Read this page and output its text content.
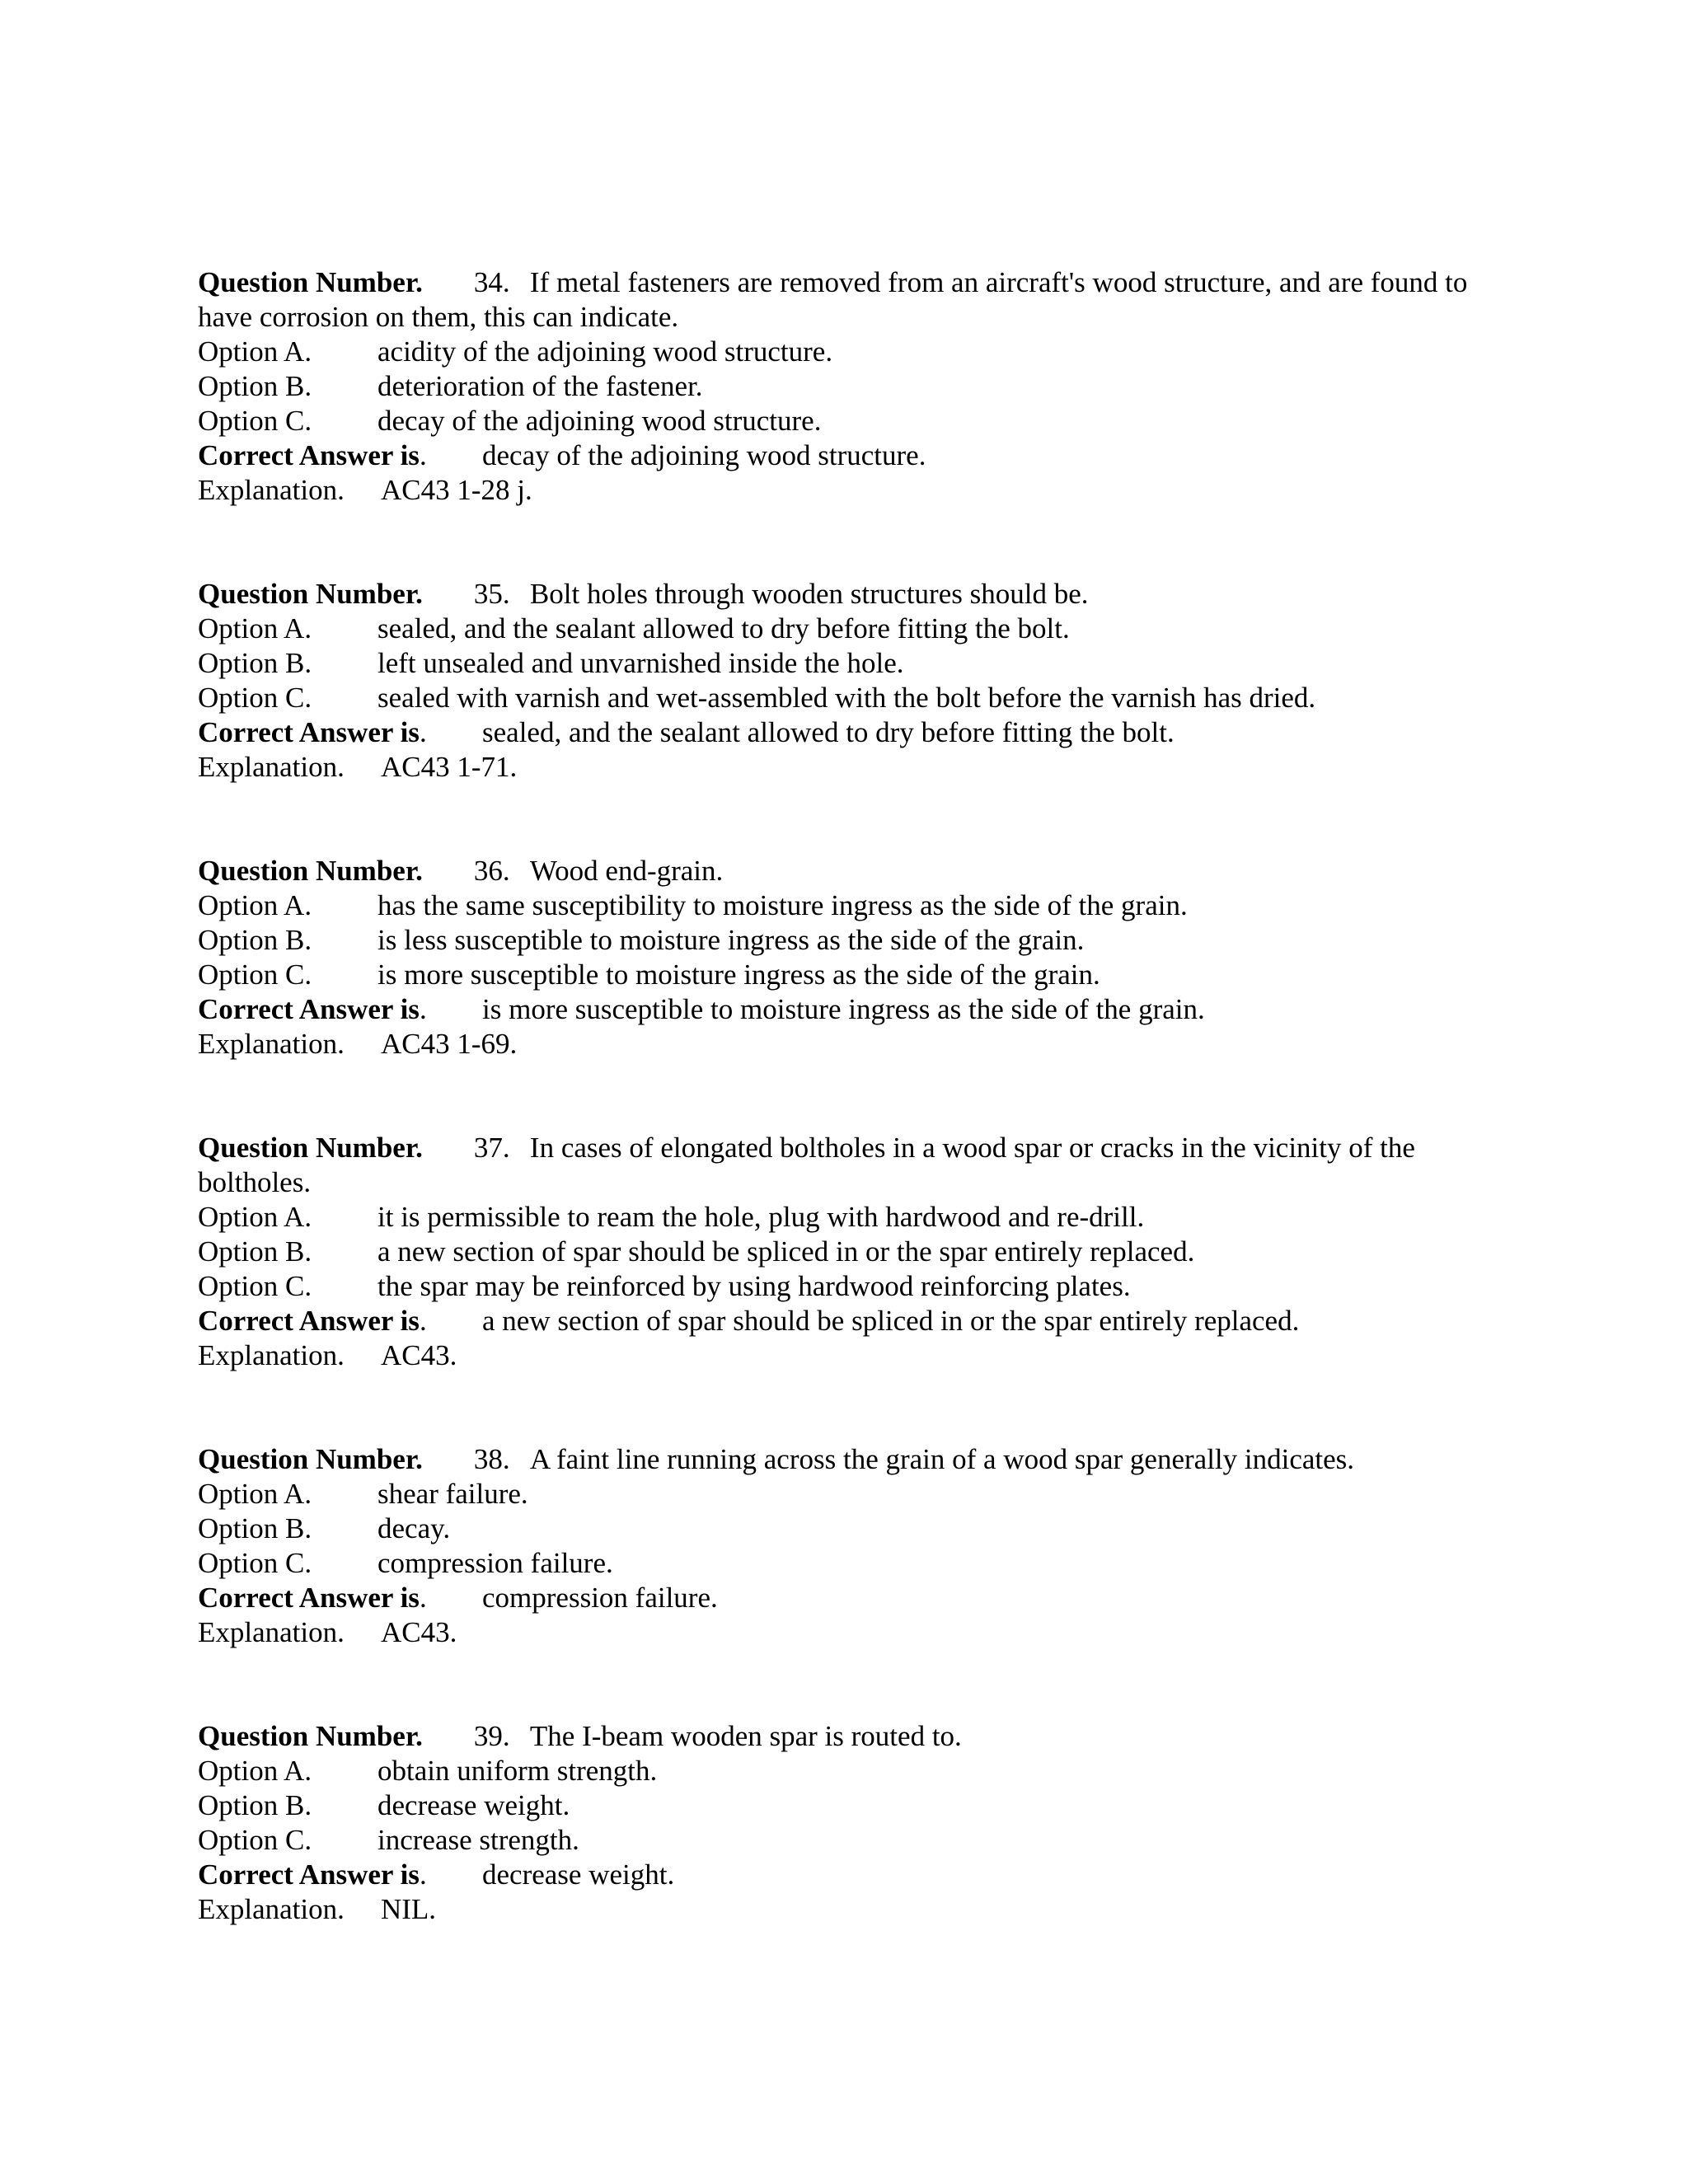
Question Number. 34. If metal fasteners are removed from an aircraft's wood structure, and are found to have corrosion on them, this can indicate.
Option A. acidity of the adjoining wood structure.
Option B. deterioration of the fastener.
Option C. decay of the adjoining wood structure.
Correct Answer is. decay of the adjoining wood structure.
Explanation. AC43 1-28 j.
Question Number. 35. Bolt holes through wooden structures should be.
Option A. sealed, and the sealant allowed to dry before fitting the bolt.
Option B. left unsealed and unvarnished inside the hole.
Option C. sealed with varnish and wet-assembled with the bolt before the varnish has dried.
Correct Answer is. sealed, and the sealant allowed to dry before fitting the bolt.
Explanation. AC43 1-71.
Question Number. 36. Wood end-grain.
Option A. has the same susceptibility to moisture ingress as the side of the grain.
Option B. is less susceptible to moisture ingress as the side of the grain.
Option C. is more susceptible to moisture ingress as the side of the grain.
Correct Answer is. is more susceptible to moisture ingress as the side of the grain.
Explanation. AC43 1-69.
Question Number. 37. In cases of elongated boltholes in a wood spar or cracks in the vicinity of the boltholes.
Option A. it is permissible to ream the hole, plug with hardwood and re-drill.
Option B. a new section of spar should be spliced in or the spar entirely replaced.
Option C. the spar may be reinforced by using hardwood reinforcing plates.
Correct Answer is. a new section of spar should be spliced in or the spar entirely replaced.
Explanation. AC43.
Question Number. 38. A faint line running across the grain of a wood spar generally indicates.
Option A. shear failure.
Option B. decay.
Option C. compression failure.
Correct Answer is. compression failure.
Explanation. AC43.
Question Number. 39. The I-beam wooden spar is routed to.
Option A. obtain uniform strength.
Option B. decrease weight.
Option C. increase strength.
Correct Answer is. decrease weight.
Explanation. NIL.
